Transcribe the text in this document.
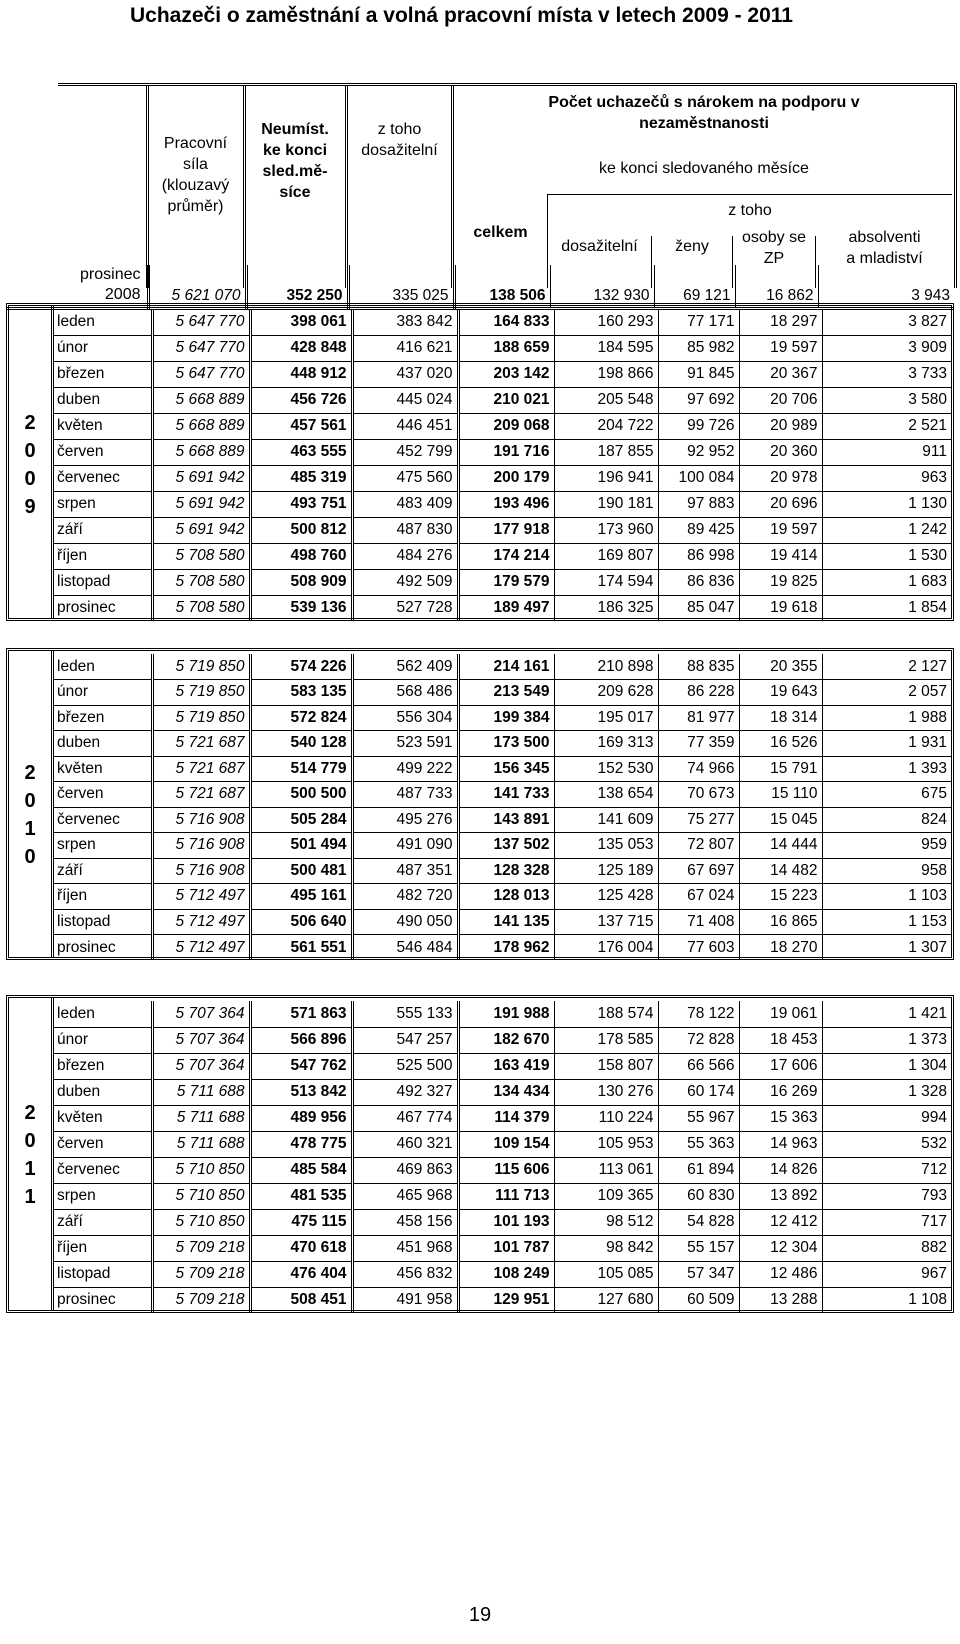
Uchazeči o zaměstnání a volná pracovní místa v letech 2009 - 2011
Pracovní
síla
(klouzavý
průměr)
Neumíst.
ke konci
sled.mě-
síce
z toho
dosažitelní
Počet uchazečů s nárokem na podporu v
nezaměstnanosti
ke konci sledovaného měsíce
celkem
z toho
dosažitelní	ženy
osoby se
ZP
absolventi
a mladiství
prosinec
2008	5 621 070	352 250	335 025	138 506	132 930	69 121	16 862	3 943
2
0
0
9
leden	5 647 770	398 061	383 842	164 833	160 293	77 171	18 297	3 827
únor	5 647 770	428 848	416 621	188 659	184 595	85 982	19 597	3 909
březen	5 647 770	448 912	437 020	203 142	198 866	91 845	20 367	3 733
duben	5 668 889	456 726	445 024	210 021	205 548	97 692	20 706	3 580
květen	5 668 889	457 561	446 451	209 068	204 722	99 726	20 989	2 521
červen	5 668 889	463 555	452 799	191 716	187 855	92 952	20 360	911
červenec	5 691 942	485 319	475 560	200 179	196 941	100 084	20 978	963
srpen	5 691 942	493 751	483 409	193 496	190 181	97 883	20 696	1 130
září	5 691 942	500 812	487 830	177 918	173 960	89 425	19 597	1 242
říjen	5 708 580	498 760	484 276	174 214	169 807	86 998	19 414	1 530
listopad	5 708 580	508 909	492 509	179 579	174 594	86 836	19 825	1 683
prosinec	5 708 580	539 136	527 728	189 497	186 325	85 047	19 618	1 854
2
0
1
0
leden	5 719 850	574 226	562 409	214 161	210 898	88 835	20 355	2 127
únor	5 719 850	583 135	568 486	213 549	209 628	86 228	19 643	2 057
březen	5 719 850	572 824	556 304	199 384	195 017	81 977	18 314	1 988
duben	5 721 687	540 128	523 591	173 500	169 313	77 359	16 526	1 931
květen	5 721 687	514 779	499 222	156 345	152 530	74 966	15 791	1 393
červen	5 721 687	500 500	487 733	141 733	138 654	70 673	15 110	675
červenec	5 716 908	505 284	495 276	143 891	141 609	75 277	15 045	824
srpen	5 716 908	501 494	491 090	137 502	135 053	72 807	14 444	959
září	5 716 908	500 481	487 351	128 328	125 189	67 697	14 482	958
říjen	5 712 497	495 161	482 720	128 013	125 428	67 024	15 223	1 103
listopad	5 712 497	506 640	490 050	141 135	137 715	71 408	16 865	1 153
prosinec	5 712 497	561 551	546 484	178 962	176 004	77 603	18 270	1 307
2
0
1
1
leden	5 707 364	571 863	555 133	191 988	188 574	78 122	19 061	1 421
únor	5 707 364	566 896	547 257	182 670	178 585	72 828	18 453	1 373
březen	5 707 364	547 762	525 500	163 419	158 807	66 566	17 606	1 304
duben	5 711 688	513 842	492 327	134 434	130 276	60 174	16 269	1 328
květen	5 711 688	489 956	467 774	114 379	110 224	55 967	15 363	994
červen	5 711 688	478 775	460 321	109 154	105 953	55 363	14 963	532
červenec	5 710 850	485 584	469 863	115 606	113 061	61 894	14 826	712
srpen	5 710 850	481 535	465 968	111 713	109 365	60 830	13 892	793
září	5 710 850	475 115	458 156	101 193	98 512	54 828	12 412	717
říjen	5 709 218	470 618	451 968	101 787	98 842	55 157	12 304	882
listopad	5 709 218	476 404	456 832	108 249	105 085	57 347	12 486	967
prosinec	5 709 218	508 451	491 958	129 951	127 680	60 509	13 288	1 108
19
